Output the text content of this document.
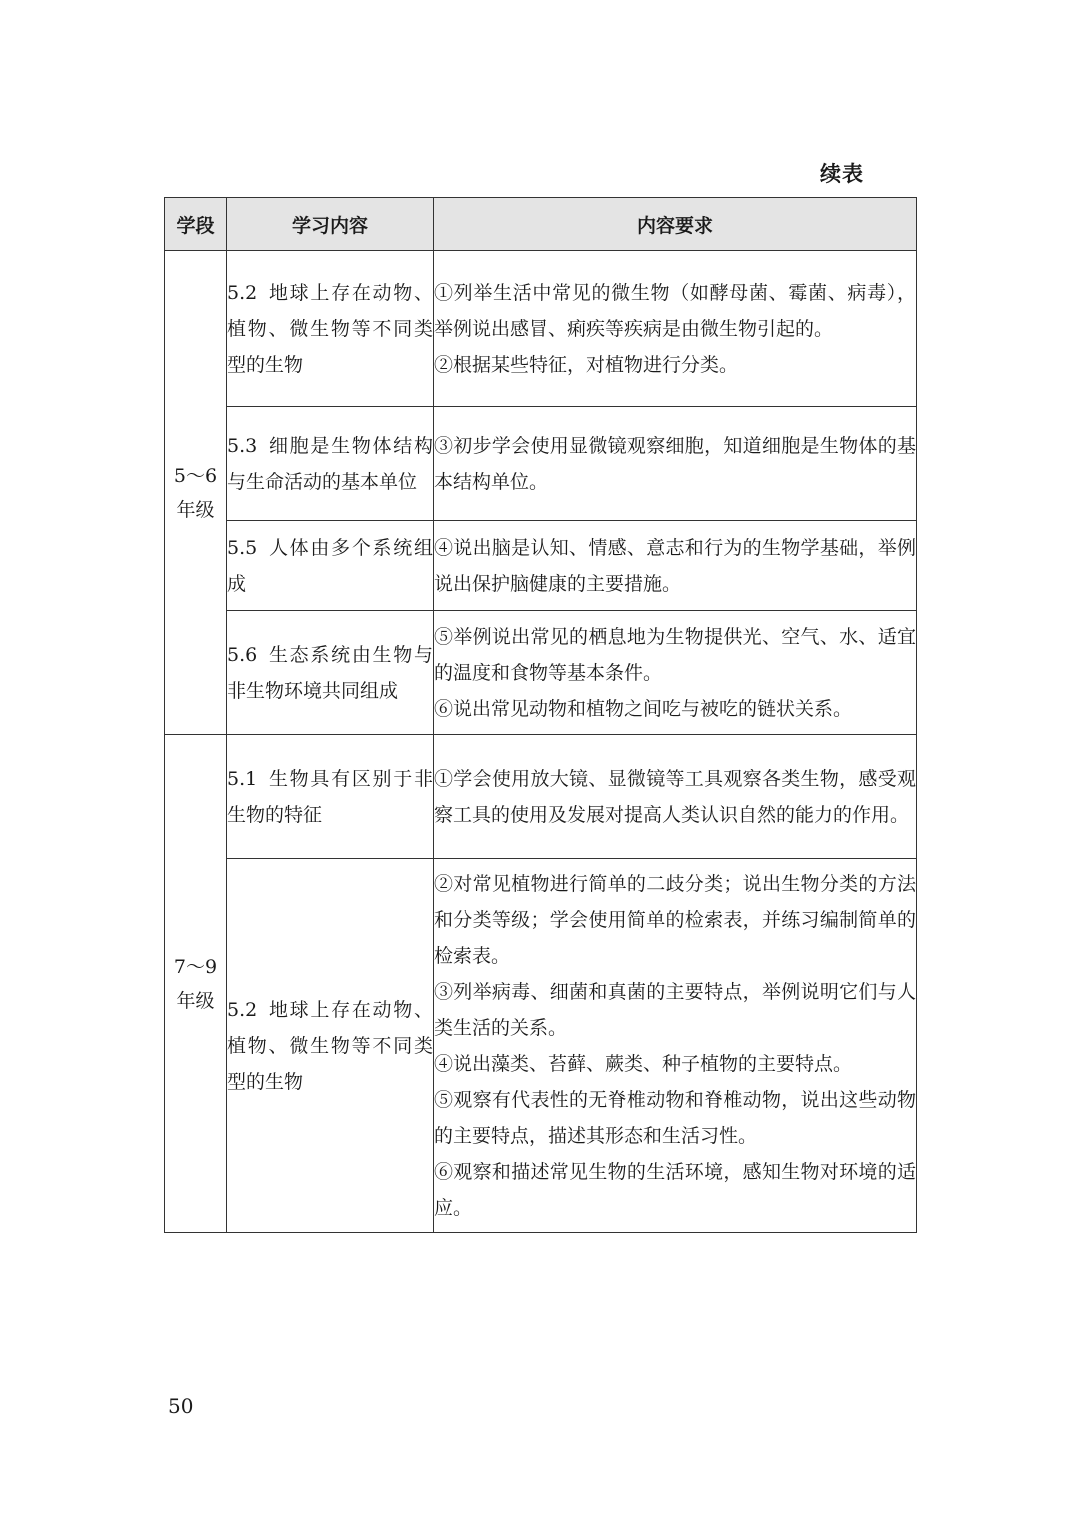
续表
学段	学习内容	内容要求

5～6
年级	5.2 地球上存在动物、植物、微生物等不同类型的生物	①列举生活中常见的微生物（如酵母菌、霉菌、病毒），举例说出感冒、痢疾等疾病是由微生物引起的。
②根据某些特征，对植物进行分类。

	5.3 细胞是生物体结构与生命活动的基本单位	③初步学会使用显微镜观察细胞，知道细胞是生物体的基本结构单位。

	5.5 人体由多个系统组成	④说出脑是认知、情感、意志和行为的生物学基础，举例说出保护脑健康的主要措施。

	5.6 生态系统由生物与非生物环境共同组成	⑤举例说出常见的栖息地为生物提供光、空气、水、适宜的温度和食物等基本条件。
⑥说出常见动物和植物之间吃与被吃的链状关系。

7～9
年级	5.1 生物具有区别于非生物的特征	①学会使用放大镜、显微镜等工具观察各类生物，感受观察工具的使用及发展对提高人类认识自然的能力的作用。

	5.2 地球上存在动物、植物、微生物等不同类型的生物	②对常见植物进行简单的二歧分类；说出生物分类的方法和分类等级；学会使用简单的检索表，并练习编制简单的检索表。
③列举病毒、细菌和真菌的主要特点，举例说明它们与人类生活的关系。
④说出藻类、苔藓、蕨类、种子植物的主要特点。
⑤观察有代表性的无脊椎动物和脊椎动物，说出这些动物的主要特点，描述其形态和生活习性。
⑥观察和描述常见生物的生活环境，感知生物对环境的适应。
50
